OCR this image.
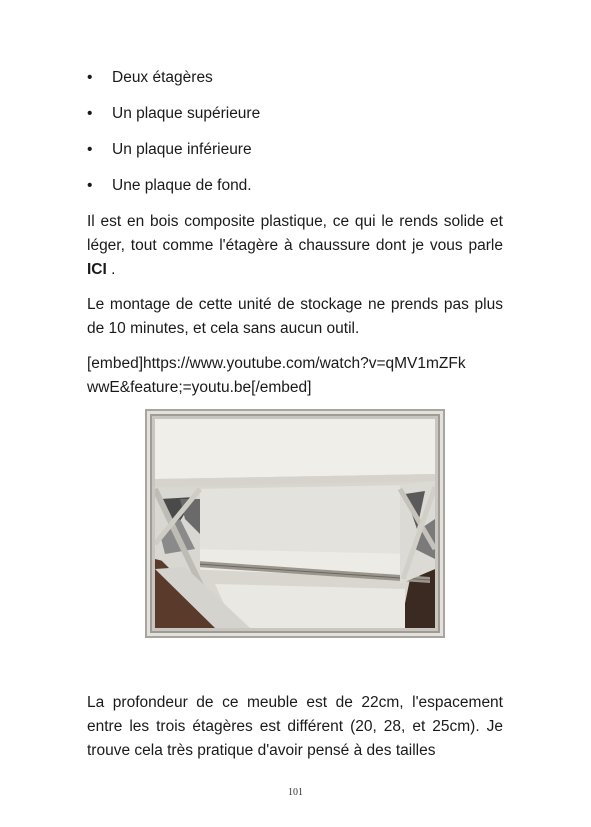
• Deux étagères
• Un plaque supérieure
• Un plaque inférieure
• Une plaque de fond.

Il est en bois composite plastique, ce qui le rends solide et léger, tout comme l'étagère à chaussure dont je vous parle ICI .

Le montage de cette unité de stockage ne prends pas plus de 10 minutes, et cela sans aucun outil.

[embed]https://www.youtube.com/watch?v=qMV1mZFk
wwE&feature;=youtu.be[/embed]

La profondeur de ce meuble est de 22cm, l'espacement entre les trois étagères est différent (20, 28, et 25cm). Je trouve cela très pratique d'avoir pensé à des tailles

101
